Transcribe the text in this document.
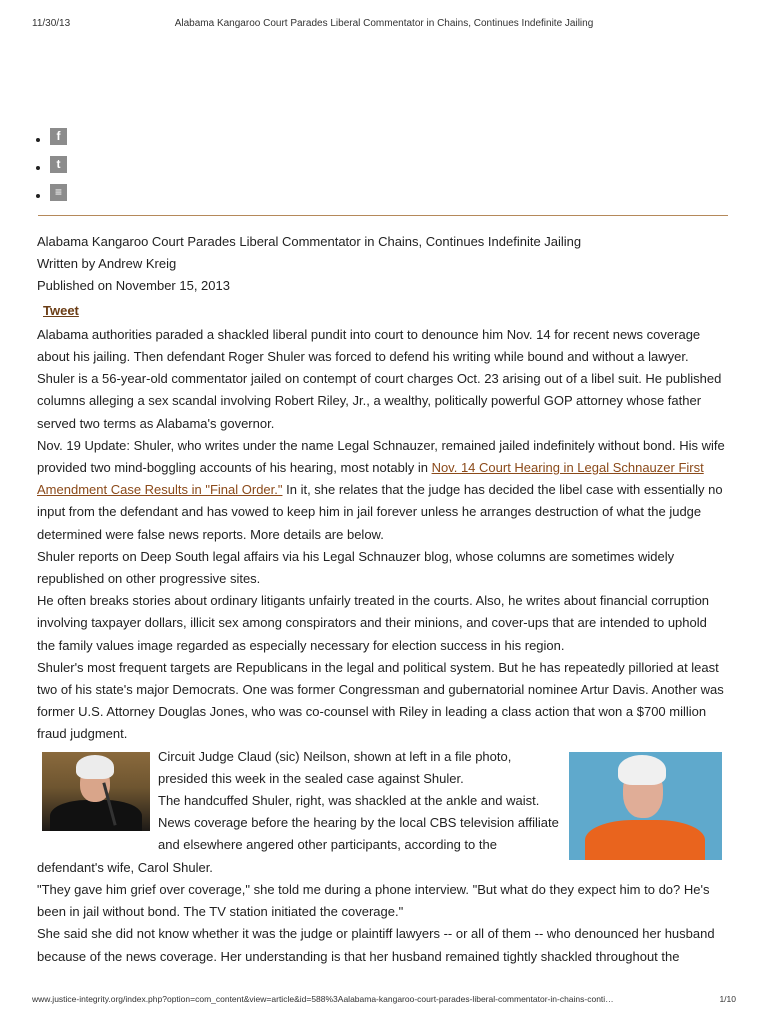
11/30/13	Alabama Kangaroo Court Parades Liberal Commentator in Chains, Continues Indefinite Jailing
f
t
≡
Alabama Kangaroo Court Parades Liberal Commentator in Chains, Continues Indefinite Jailing
Written by Andrew Kreig
Published on November 15, 2013
Tweet

Alabama authorities paraded a shackled liberal pundit into court to denounce him Nov. 14 for recent news coverage about his jailing. Then defendant Roger Shuler was forced to defend his writing while bound and without a lawyer. Shuler is a 56-year-old commentator jailed on contempt of court charges Oct. 23 arising out of a libel suit. He published columns alleging a sex scandal involving Robert Riley, Jr., a wealthy, politically powerful GOP attorney whose father served two terms as Alabama's governor.

Nov. 19 Update: Shuler, who writes under the name Legal Schnauzer, remained jailed indefinitely without bond. His wife provided two mind-boggling accounts of his hearing, most notably in Nov. 14 Court Hearing in Legal Schnauzer First Amendment Case Results in "Final Order." In it, she relates that the judge has decided the libel case with essentially no input from the defendant and has vowed to keep him in jail forever unless he arranges destruction of what the judge determined were false news reports. More details are below.

Shuler reports on Deep South legal affairs via his Legal Schnauzer blog, whose columns are sometimes widely republished on other progressive sites.

He often breaks stories about ordinary litigants unfairly treated in the courts. Also, he writes about financial corruption involving taxpayer dollars, illicit sex among conspirators and their minions, and cover-ups that are intended to uphold the family values image regarded as especially necessary for election success in his region.

Shuler's most frequent targets are Republicans in the legal and political system. But he has repeatedly pilloried at least two of his state's major Democrats. One was former Congressman and gubernatorial nominee Artur Davis. Another was former U.S. Attorney Douglas Jones, who was co-counsel with Riley in leading a class action that won a $700 million fraud judgment.

Circuit Judge Claud (sic) Neilson, shown at left in a file photo, presided this week in the sealed case against Shuler.

The handcuffed Shuler, right, was shackled at the ankle and waist. News coverage before the hearing by the local CBS television affiliate and elsewhere angered other participants, according to the defendant's wife, Carol Shuler.

"They gave him grief over coverage," she told me during a phone interview. "But what do they expect him to do? He's been in jail without bond. The TV station initiated the coverage."

She said she did not know whether it was the judge or plaintiff lawyers -- or all of them -- who denounced her husband because of the news coverage. Her understanding is that her husband remained tightly shackled throughout the

www.justice-integrity.org/index.php?option=com_content&view=article&id=588%3Aalabama-kangaroo-court-parades-liberal-commentator-in-chains-conti…	1/10
